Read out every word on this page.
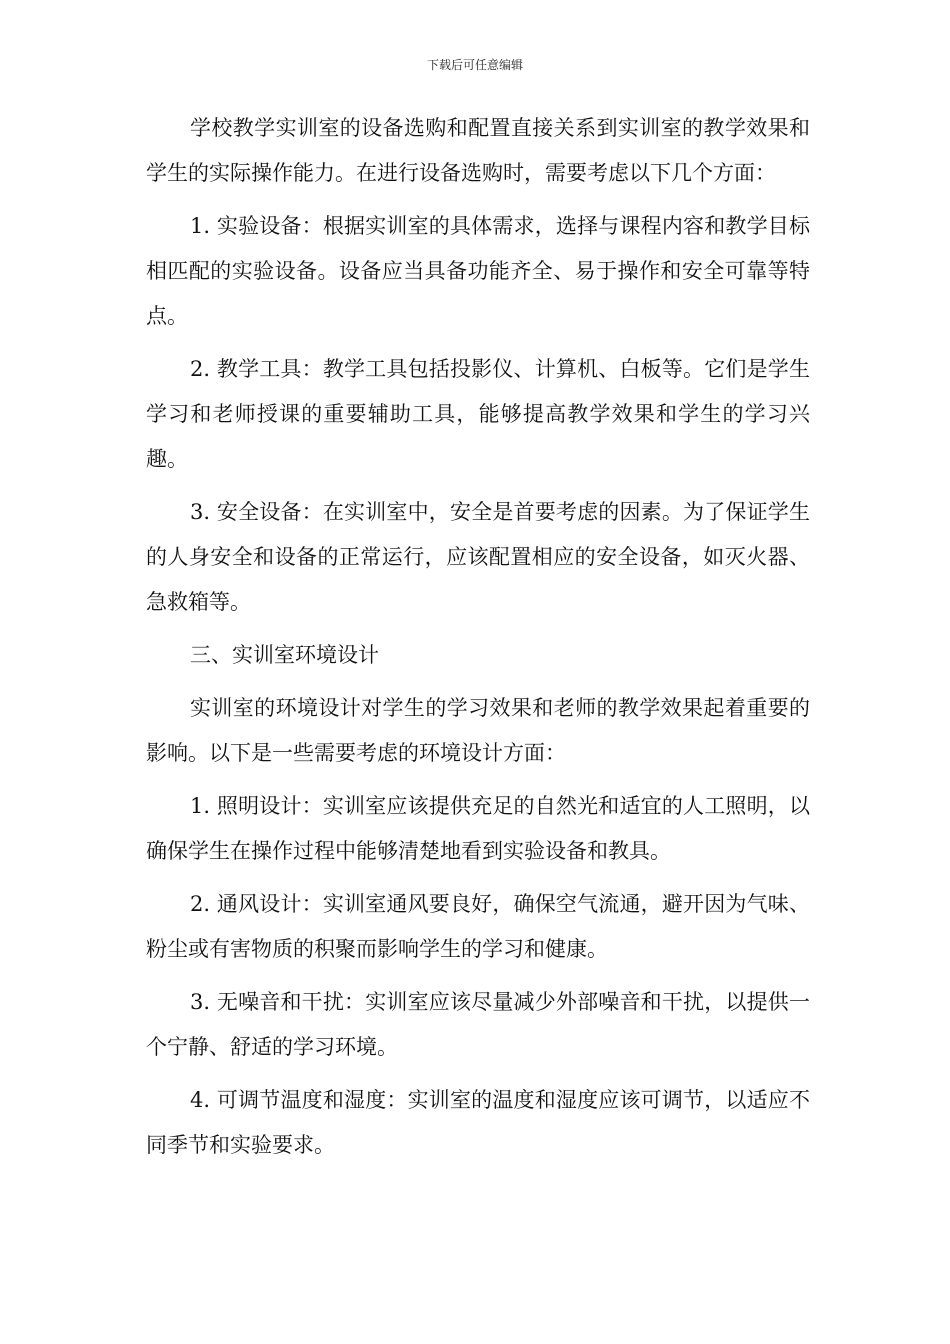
下载后可任意编辑

学校教学实训室的设备选购和配置直接关系到实训室的教学效果和学生的实际操作能力。在进行设备选购时，需要考虑以下几个方面：

1. 实验设备：根据实训室的具体需求，选择与课程内容和教学目标相匹配的实验设备。设备应当具备功能齐全、易于操作和安全可靠等特点。

2. 教学工具：教学工具包括投影仪、计算机、白板等。它们是学生学习和老师授课的重要辅助工具，能够提高教学效果和学生的学习兴趣。

3. 安全设备：在实训室中，安全是首要考虑的因素。为了保证学生的人身安全和设备的正常运行，应该配置相应的安全设备，如灭火器、急救箱等。

三、实训室环境设计

实训室的环境设计对学生的学习效果和老师的教学效果起着重要的影响。以下是一些需要考虑的环境设计方面：

1. 照明设计：实训室应该提供充足的自然光和适宜的人工照明，以确保学生在操作过程中能够清楚地看到实验设备和教具。

2. 通风设计：实训室通风要良好，确保空气流通，避开因为气味、粉尘或有害物质的积聚而影响学生的学习和健康。

3. 无噪音和干扰：实训室应该尽量减少外部噪音和干扰，以提供一个宁静、舒适的学习环境。

4. 可调节温度和湿度：实训室的温度和湿度应该可调节，以适应不同季节和实验要求。
